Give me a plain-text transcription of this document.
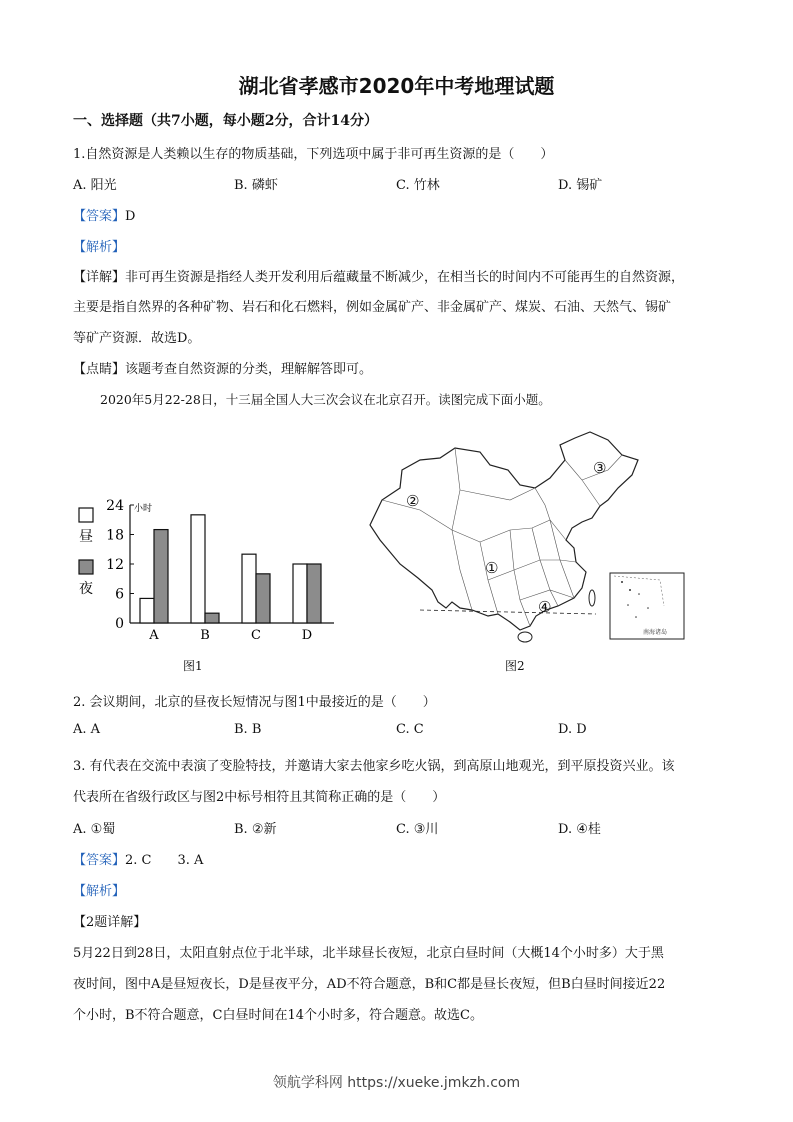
湖北省孝感市2020年中考地理试题
一、选择题（共7小题，每小题2分，合计14分）
1.自然资源是人类赖以生存的物质基础，下列选项中属于非可再生资源的是（　　）
A. 阳光	B. 磷虾	C. 竹林	D. 锡矿
【答案】D
【解析】
【详解】非可再生资源是指经人类开发利用后蕴藏量不断减少，在相当长的时间内不可能再生的自然资源，
主要是指自然界的各种矿物、岩石和化石燃料，例如金属矿产、非金属矿产、煤炭、石油、天然气、锡矿
等矿产资源．故选D。
【点睛】该题考查自然资源的分类，理解解答即可。
2020年5月22-28日，十三届全国人大三次会议在北京召开。读图完成下面小题。
0
6
12
18
24 小时
昼
夜
A	B	C	D
图1
①
②
③
④
南海诸岛
图2
2. 会议期间，北京的昼夜长短情况与图1中最接近的是（　　）
A. A	B. B	C. C	D. D
3. 有代表在交流中表演了变脸特技，并邀请大家去他家乡吃火锅，到高原山地观光，到平原投资兴业。该
代表所在省级行政区与图2中标号相符且其简称正确的是（　　）
A. ①蜀	B. ②新	C. ③川	D. ④桂
【答案】2. C　　3. A
【解析】
【2题详解】
5月22日到28日，太阳直射点位于北半球，北半球昼长夜短，北京白昼时间（大概14个小时多）大于黑
夜时间，图中A是昼短夜长，D是昼夜平分，AD不符合题意，B和C都是昼长夜短，但B白昼时间接近22
个小时，B不符合题意，C白昼时间在14个小时多，符合题意。故选C。
领航学科网 https://xueke.jmkzh.com
